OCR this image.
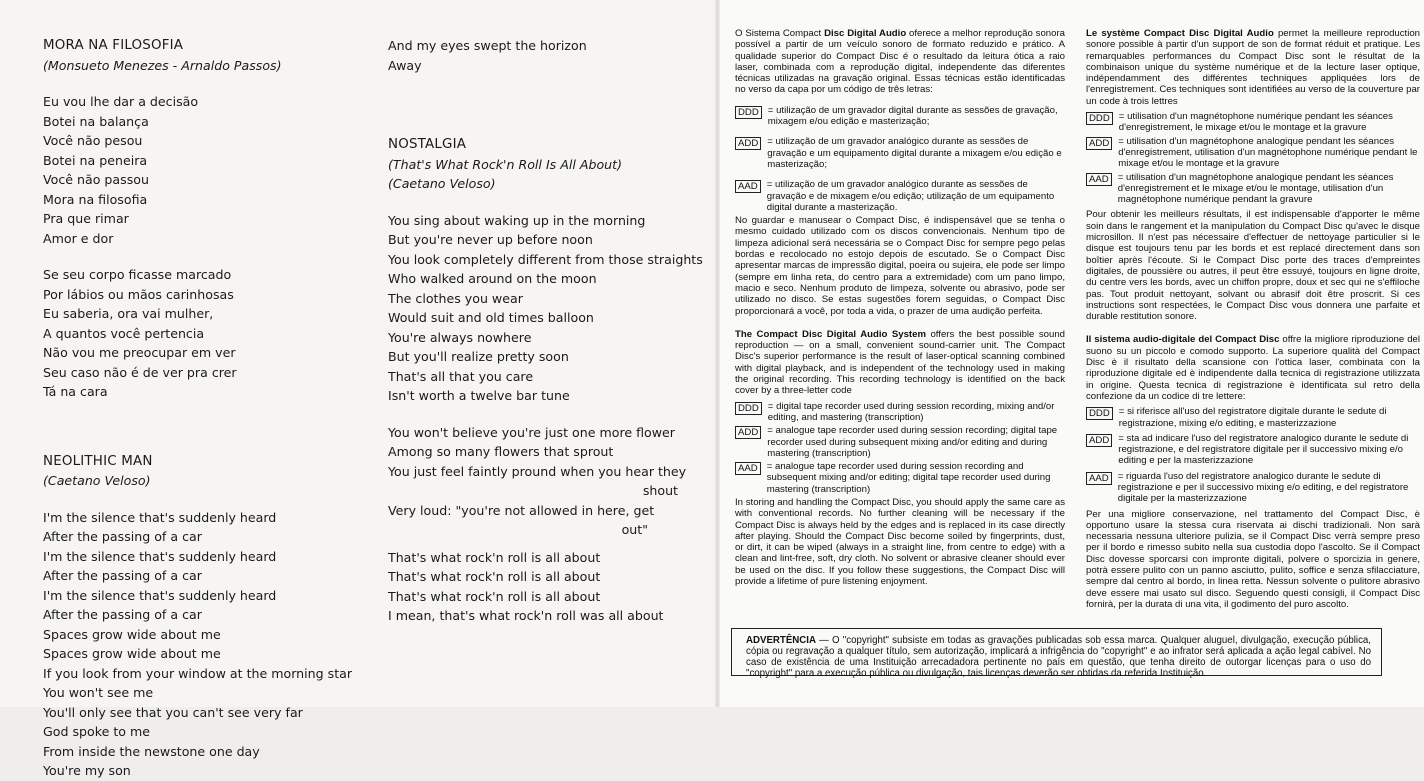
MORA NA FILOSOFIA
(Monsueto Menezes - Arnaldo Passos)
Eu vou lhe dar a decisão
Botei na balança
Você não pesou
Botei na peneira
Você não passou
Mora na filosofia
Pra que rimar
Amor e dor
Se seu corpo ficasse marcado
Por lábios ou mãos carinhosas
Eu saberia, ora vai mulher,
A quantos você pertencia
Não vou me preocupar em ver
Seu caso não é de ver pra crer
Tá na cara
NEOLITHIC MAN
(Caetano Veloso)
I'm the silence that's suddenly heard
After the passing of a car
I'm the silence that's suddenly heard
After the passing of a car
I'm the silence that's suddenly heard
After the passing of a car
Spaces grow wide about me
Spaces grow wide about me
If you look from your window at the morning star
You won't see me
You'll only see that you can't see very far
God spoke to me
From inside the newstone one day
You're my son
And my eyes swept the horizon
Away
NOSTALGIA
(That's What Rock'n Roll Is All About)
(Caetano Veloso)
You sing about waking up in the morning
But you're never up before noon
You look completely different from those straights
Who walked around on the moon
The clothes you wear
Would suit and old times balloon
You're always nowhere
But you'll realize pretty soon
That's all that you care
Isn't worth a twelve bar tune
You won't believe you're just one more flower
Among so many flowers that sprout
You just feel faintly pround when you hear they
shout
Very loud: "you're not allowed in here, get
out"
That's what rock'n roll is all about
That's what rock'n roll is all about
That's what rock'n roll is all about
I mean, that's what rock'n roll was all about
O Sistema Compact Disc Digital Audio oferece a melhor reprodução sonora possível a partir de um veículo sonoro de formato reduzido e prático. A qualidade superior do Compact Disc é o resultado da leitura ótica a raio laser, combinada com a reprodução digital, independente das diferentes técnicas utilizadas na gravação original. Essas técnicas estão identificadas no verso da capa por um código de três letras:
DDD = utilização de um gravador digital durante as sessões de gravação, mixagem e/ou edição e masterização;
ADD = utilização de um gravador analógico durante as sessões de gravação e um equipamento digital durante a mixagem e/ou edição e masterização;
AAD = utilização de um gravador analógico durante as sessões de gravação e de mixagem e/ou edição; utilização de um equipamento digital durante a masterização.
No guardar e manusear o Compact Disc, é indispensável que se tenha o mesmo cuidado utilizado com os discos convencionais. Nenhum tipo de limpeza adicional será necessária se o Compact Disc for sempre pego pelas bordas e recolocado no estojo depois de escutado. Se o Compact Disc apresentar marcas de impressão digital, poeira ou sujeira, ele pode ser limpo (sempre em linha reta, do centro para a extremidade) com um pano limpo, macio e seco. Nenhum produto de limpeza, solvente ou abrasivo, pode ser utilizado no disco. Se estas sugestões forem seguidas, o Compact Disc proporcionará a você, por toda a vida, o prazer de uma audição perfeita.
The Compact Disc Digital Audio System offers the best possible sound reproduction — on a small, convenient sound-carrier unit. The Compact Disc's superior performance is the result of laser-optical scanning combined with digital playback, and is independent of the technology used in making the original recording. This recording technology is identified on the back cover by a three-letter code
DDD = digital tape recorder used during session recording, mixing and/or editing, and mastering (transcription)
ADD = analogue tape recorder used during session recording; digital tape recorder used during subsequent mixing and/or editing and during mastering (transcription)
AAD = analogue tape recorder used during session recording and subsequent mixing and/or editing; digital tape recorder used during mastering (transcription)
In storing and handling the Compact Disc, you should apply the same care as with conventional records. No further cleaning will be necessary if the Compact Disc is always held by the edges and is replaced in its case directly after playing. Should the Compact Disc become soiled by fingerprints, dust, or dirt, it can be wiped (always in a straight line, from centre to edge) with a clean and lint-free, soft, dry cloth. No solvent or abrasive cleaner should ever be used on the disc. If you follow these suggestions, the Compact Disc will provide a lifetime of pure listening enjoyment.
Le système Compact Disc Digital Audio permet la meilleure reproduction sonore possible à partir d'un support de son de format réduit et pratique. Les remarquables performances du Compact Disc sont le résultat de la combinaison unique du système numérique et de la lecture laser optique, indépendamment des différentes techniques appliquées lors de l'enregistrement. Ces techniques sont identifiées au verso de la couverture par un code à trois lettres
DDD = utilisation d'un magnétophone numérique pendant les séances d'enregistrement, le mixage et/ou le montage et la gravure
ADD = utilisation d'un magnétophone analogique pendant les séances d'enregistrement, utilisation d'un magnétophone numérique pendant le mixage et/ou le montage et la gravure
AAD = utilisation d'un magnétophone analogique pendant les séances d'enregistrement et le mixage et/ou le montage, utilisation d'un magnétophone numérique pendant la gravure
Pour obtenir les meilleurs résultats, il est indispensable d'apporter le même soin dans le rangement et la manipulation du Compact Disc qu'avec le disque microsillon. Il n'est pas nécessaire d'effectuer de nettoyage particulier si le disque est toujours tenu par les bords et est replacé directement dans son boîtier après l'écoute. Si le Compact Disc porte des traces d'empreintes digitales, de poussière ou autres, il peut être essuyé, toujours en ligne droite, du centre vers les bords, avec un chiffon propre, doux et sec qui ne s'effiloche pas. Tout produit nettoyant, solvant ou abrasif doit être proscrit. Si ces instructions sont respectées, le Compact Disc vous donnera une parfaite et durable restitution sonore.
Il sistema audio-digitale del Compact Disc offre la migliore riproduzione del suono su un piccolo e comodo supporto. La superiore qualità del Compact Disc è il risultato della scansione con l'ottica laser, combinata con la riproduzione digitale ed è indipendente dalla tecnica di registrazione utilizzata in origine. Questa tecnica di registrazione è identificata sul retro della confezione da un codice di tre lettere:
DDD = si riferisce all'uso del registratore digitale durante le sedute di registrazione, mixing e/o editing, e masterizzazione
ADD = sta ad indicare l'uso del registratore analogico durante le sedute di registrazione, e del registratore digitale per il successivo mixing e/o editing e per la masterizzazione
AAD = riguarda l'uso del registratore analogico durante le sedute di registrazione e per il successivo mixing e/o editing, e del registratore digitale per la masterizzazione
Per una migliore conservazione, nel trattamento del Compact Disc, è opportuno usare la stessa cura riservata ai dischi tradizionali. Non sarà necessaria nessuna ulteriore pulizia, se il Compact Disc verrà sempre preso per il bordo e rimesso subito nella sua custodia dopo l'ascolto. Se il Compact Disc dovesse sporcarsi con impronte digitali, polvere o sporcizia in genere, potrà essere pulito con un panno asciutto, pulito, soffice e senza sfilacciature, sempre dal centro al bordo, in linea retta. Nessun solvente o pulitore abrasivo deve essere mai usato sul disco. Seguendo questi consigli, il Compact Disc fornirà, per la durata di una vita, il godimento del puro ascolto.
ADVERTÊNCIA — O "copyright" subsiste em todas as gravações publicadas sob essa marca. Qualquer aluguel, divulgação, execução pública, cópia ou regravação a qualquer título, sem autorização, implicará a infrigência do "copyright" e ao infrator será aplicada a ação legal cabível. No caso de existência de uma Instituição arrecadadora pertinente no país em questão, que tenha direito de outorgar licenças para o uso do "copyright" para a execução pública ou divulgação, tais licenças deverão ser obtidas da referida Instituição.
